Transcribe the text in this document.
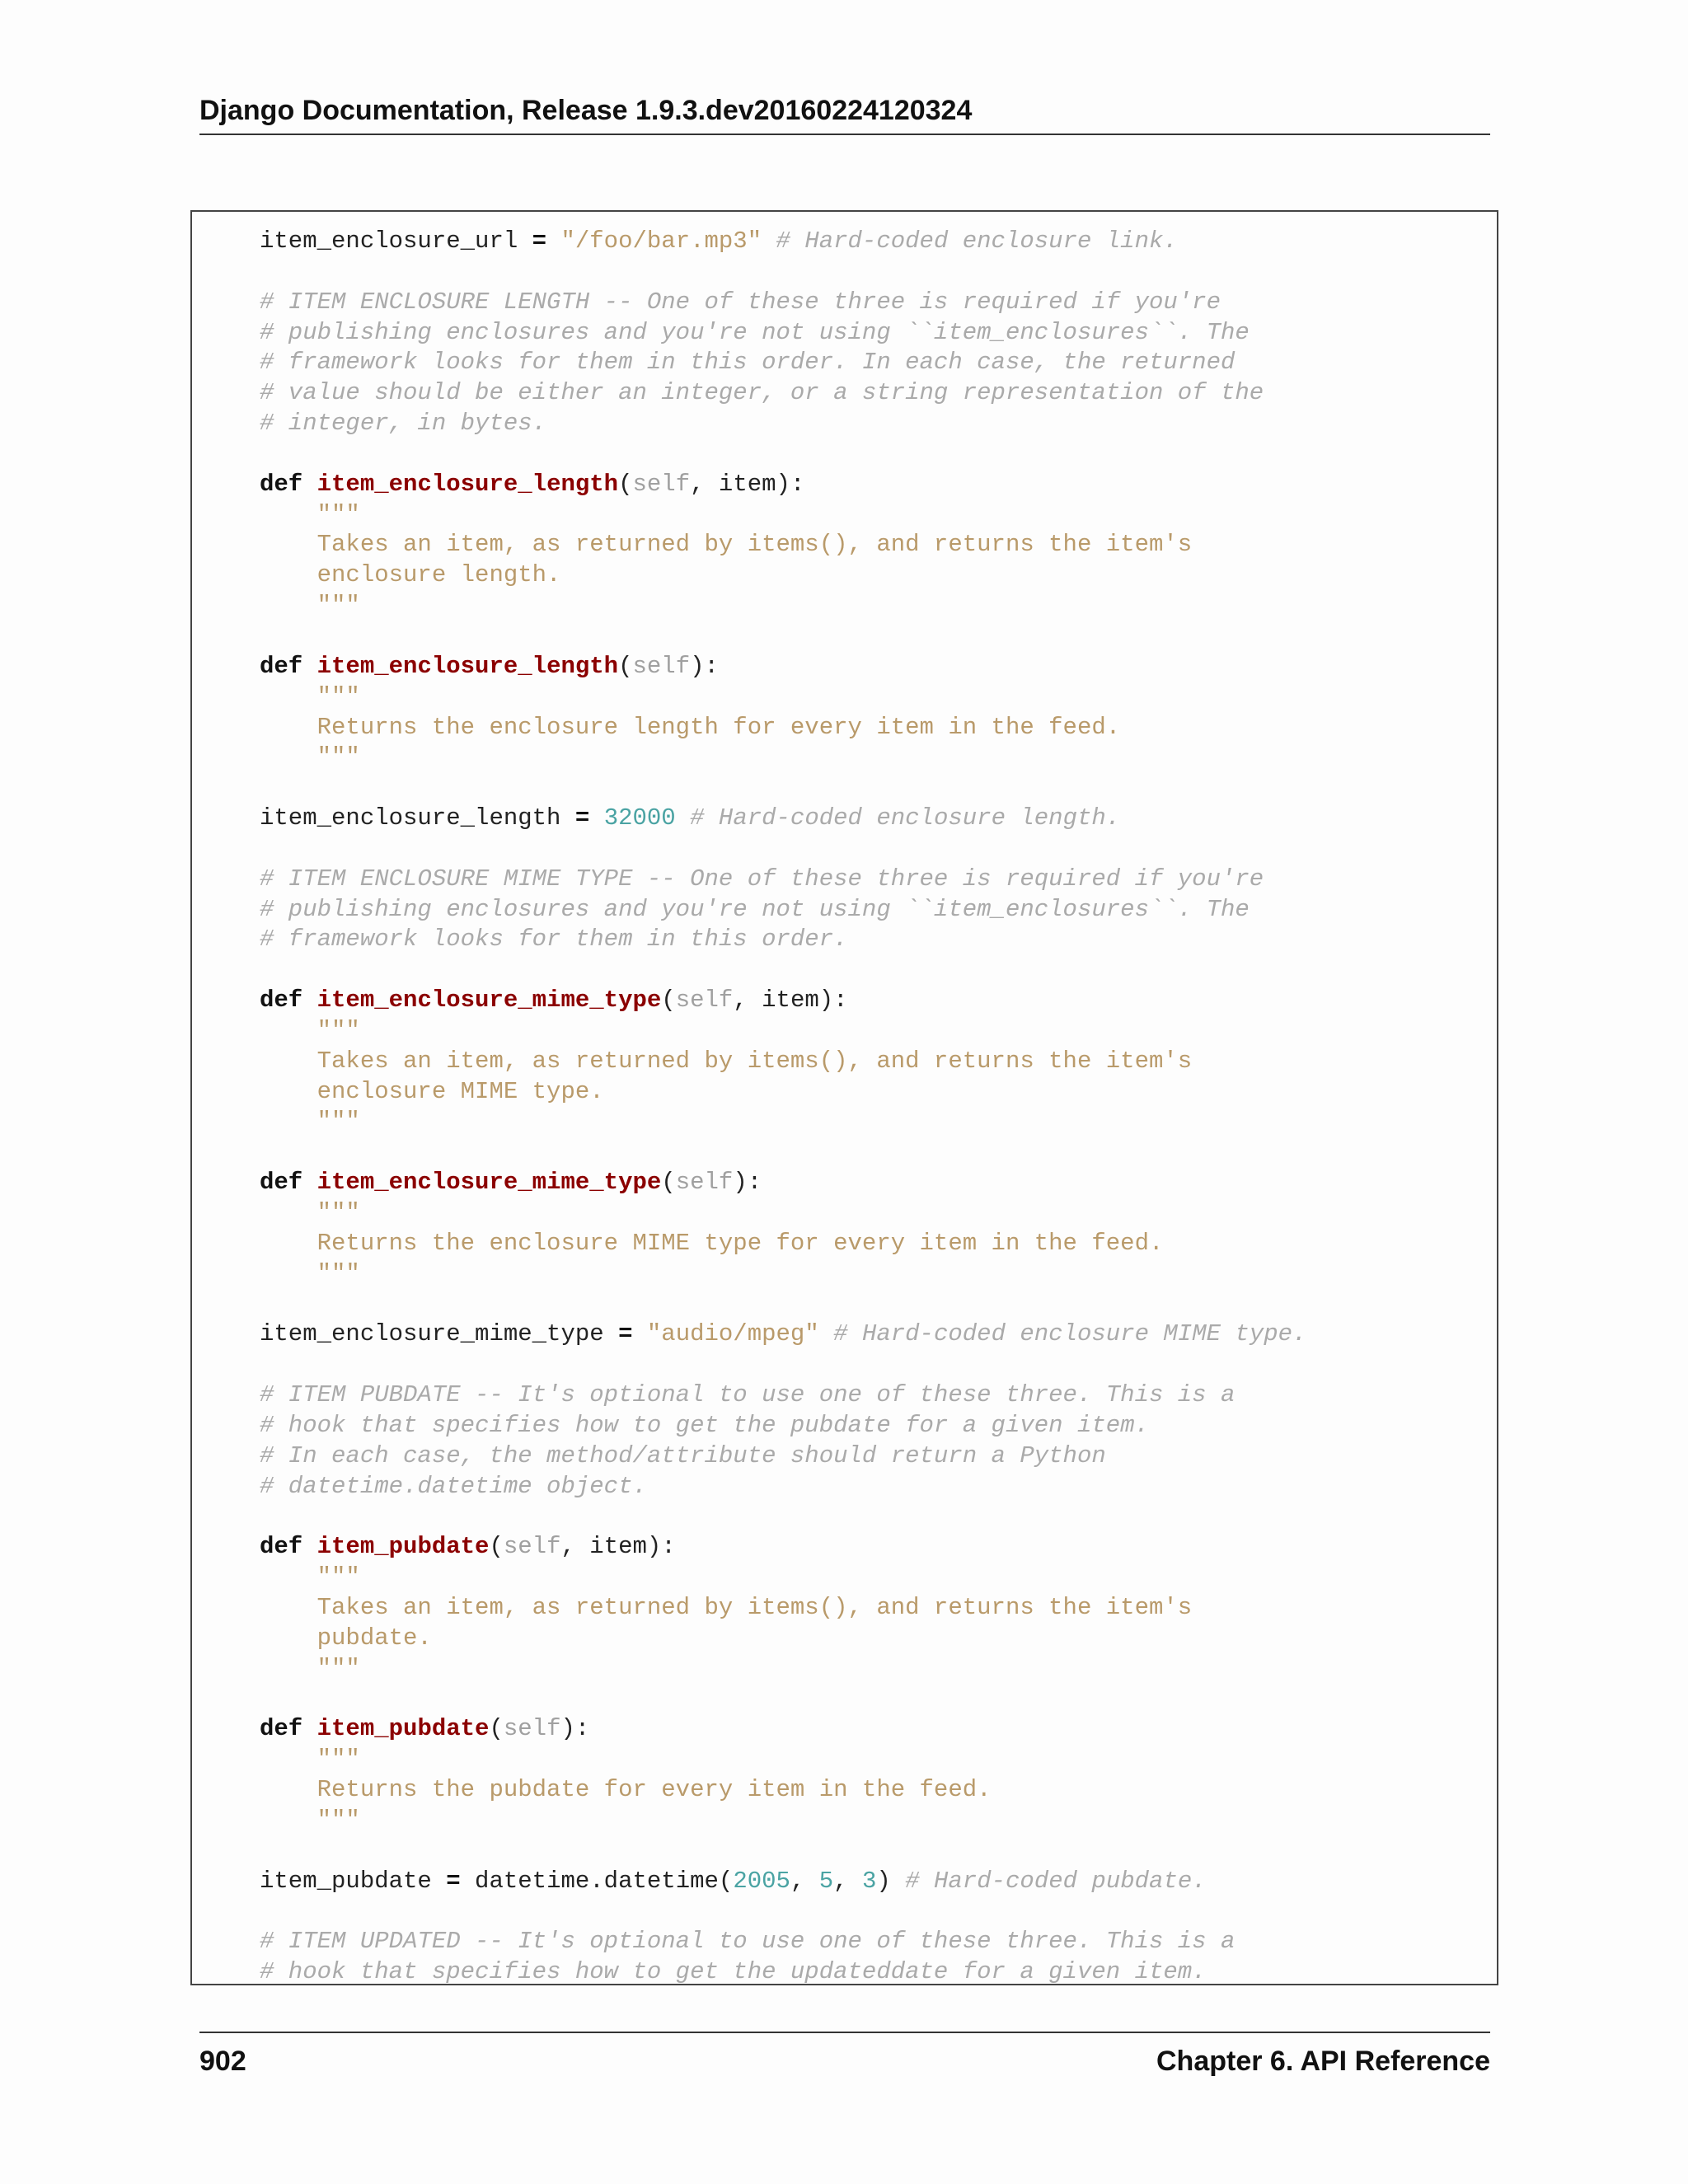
Django Documentation, Release 1.9.3.dev20160224120324
item_enclosure_url = "/foo/bar.mp3" # Hard-coded enclosure link.

# ITEM ENCLOSURE LENGTH -- One of these three is required if you're
# publishing enclosures and you're not using ``item_enclosures``. The
# framework looks for them in this order. In each case, the returned
# value should be either an integer, or a string representation of the
# integer, in bytes.

def item_enclosure_length(self, item):
"""
Takes an item, as returned by items(), and returns the item's
enclosure length.
"""

def item_enclosure_length(self):
"""
Returns the enclosure length for every item in the feed.
"""

item_enclosure_length = 32000 # Hard-coded enclosure length.

# ITEM ENCLOSURE MIME TYPE -- One of these three is required if you're
# publishing enclosures and you're not using ``item_enclosures``. The
# framework looks for them in this order.

def item_enclosure_mime_type(self, item):
"""
Takes an item, as returned by items(), and returns the item's
enclosure MIME type.
"""

def item_enclosure_mime_type(self):
"""
Returns the enclosure MIME type for every item in the feed.
"""

item_enclosure_mime_type = "audio/mpeg" # Hard-coded enclosure MIME type.

# ITEM PUBDATE -- It's optional to use one of these three. This is a
# hook that specifies how to get the pubdate for a given item.
# In each case, the method/attribute should return a Python
# datetime.datetime object.

def item_pubdate(self, item):
"""
Takes an item, as returned by items(), and returns the item's
pubdate.
"""

def item_pubdate(self):
"""
Returns the pubdate for every item in the feed.
"""

item_pubdate = datetime.datetime(2005, 5, 3) # Hard-coded pubdate.

# ITEM UPDATED -- It's optional to use one of these three. This is a
# hook that specifies how to get the updateddate for a given item.
902	Chapter 6. API Reference
